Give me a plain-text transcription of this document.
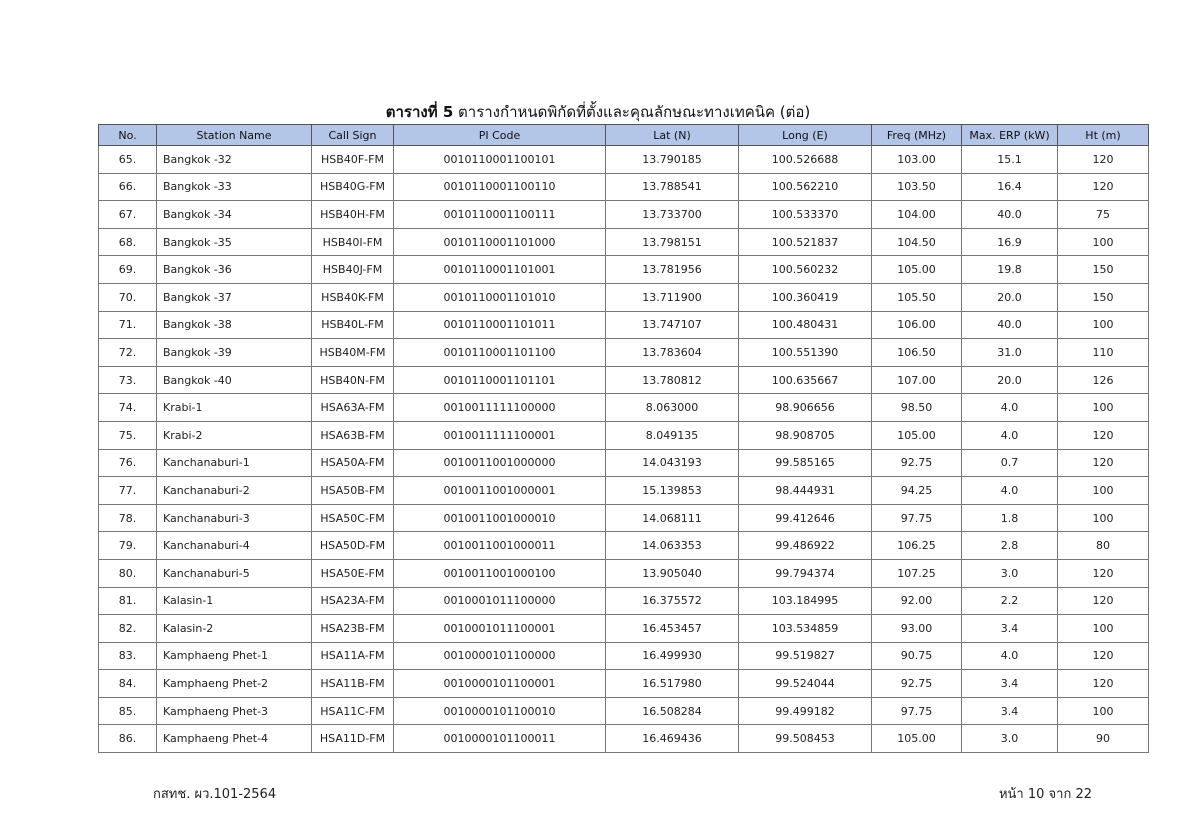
ตารางที่ 5 ตารางกำหนดพิกัดที่ตั้งและคุณลักษณะทางเทคนิค (ต่อ)
No.	Station Name	Call Sign	PI Code	Lat (N)	Long (E)	Freq (MHz)	Max. ERP (kW)	Ht (m)
65.	Bangkok -32	HSB40F-FM	0010110001100101	13.790185	100.526688	103.00	15.1	120
66.	Bangkok -33	HSB40G-FM	0010110001100110	13.788541	100.562210	103.50	16.4	120
67.	Bangkok -34	HSB40H-FM	0010110001100111	13.733700	100.533370	104.00	40.0	75
68.	Bangkok -35	HSB40I-FM	0010110001101000	13.798151	100.521837	104.50	16.9	100
69.	Bangkok -36	HSB40J-FM	0010110001101001	13.781956	100.560232	105.00	19.8	150
70.	Bangkok -37	HSB40K-FM	0010110001101010	13.711900	100.360419	105.50	20.0	150
71.	Bangkok -38	HSB40L-FM	0010110001101011	13.747107	100.480431	106.00	40.0	100
72.	Bangkok -39	HSB40M-FM	0010110001101100	13.783604	100.551390	106.50	31.0	110
73.	Bangkok -40	HSB40N-FM	0010110001101101	13.780812	100.635667	107.00	20.0	126
74.	Krabi-1	HSA63A-FM	0010011111100000	8.063000	98.906656	98.50	4.0	100
75.	Krabi-2	HSA63B-FM	0010011111100001	8.049135	98.908705	105.00	4.0	120
76.	Kanchanaburi-1	HSA50A-FM	0010011001000000	14.043193	99.585165	92.75	0.7	120
77.	Kanchanaburi-2	HSA50B-FM	0010011001000001	15.139853	98.444931	94.25	4.0	100
78.	Kanchanaburi-3	HSA50C-FM	0010011001000010	14.068111	99.412646	97.75	1.8	100
79.	Kanchanaburi-4	HSA50D-FM	0010011001000011	14.063353	99.486922	106.25	2.8	80
80.	Kanchanaburi-5	HSA50E-FM	0010011001000100	13.905040	99.794374	107.25	3.0	120
81.	Kalasin-1	HSA23A-FM	0010001011100000	16.375572	103.184995	92.00	2.2	120
82.	Kalasin-2	HSA23B-FM	0010001011100001	16.453457	103.534859	93.00	3.4	100
83.	Kamphaeng Phet-1	HSA11A-FM	0010000101100000	16.499930	99.519827	90.75	4.0	120
84.	Kamphaeng Phet-2	HSA11B-FM	0010000101100001	16.517980	99.524044	92.75	3.4	120
85.	Kamphaeng Phet-3	HSA11C-FM	0010000101100010	16.508284	99.499182	97.75	3.4	100
86.	Kamphaeng Phet-4	HSA11D-FM	0010000101100011	16.469436	99.508453	105.00	3.0	90
กสทช. ผว.101-2564	หน้า 10 จาก 22
